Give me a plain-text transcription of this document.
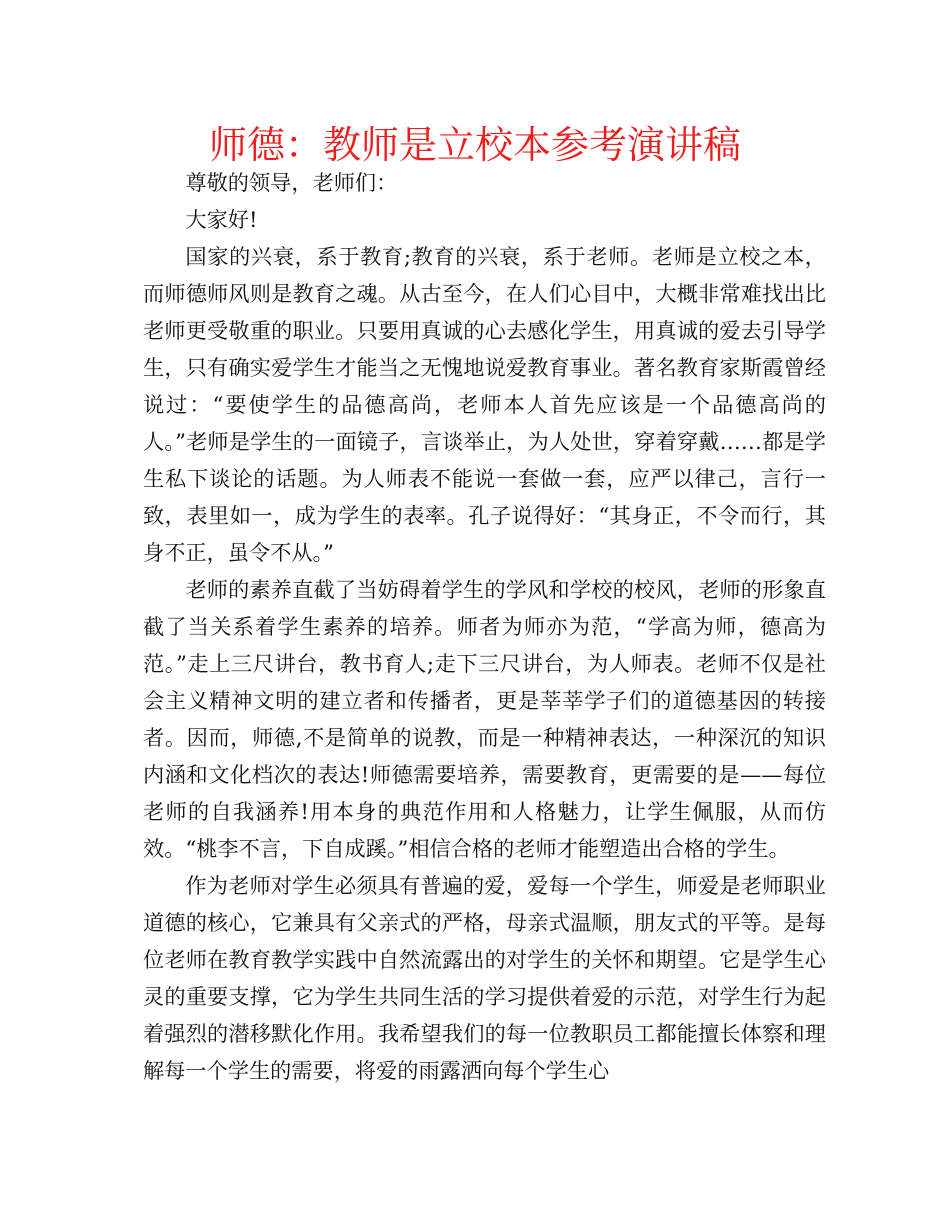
师德：教师是立校本参考演讲稿

尊敬的领导，老师们：

大家好!

国家的兴衰，系于教育;教育的兴衰，系于老师。老师是立校之本，而师德师风则是教育之魂。从古至今，在人们心目中，大概非常难找出比老师更受敬重的职业。只要用真诚的心去感化学生，用真诚的爱去引导学生，只有确实爱学生才能当之无愧地说爱教育事业。著名教育家斯霞曾经说过：“要使学生的品德高尚，老师本人首先应该是一个品德高尚的人。”老师是学生的一面镜子，言谈举止，为人处世，穿着穿戴……都是学生私下谈论的话题。为人师表不能说一套做一套，应严以律己，言行一致，表里如一，成为学生的表率。孔子说得好：“其身正，不令而行，其身不正，虽令不从。”

老师的素养直截了当妨碍着学生的学风和学校的校风，老师的形象直截了当关系着学生素养的培养。师者为师亦为范，“学高为师，德高为范。”走上三尺讲台，教书育人;走下三尺讲台，为人师表。老师不仅是社会主义精神文明的建立者和传播者，更是莘莘学子们的道德基因的转接者。因而，师德,不是简单的说教，而是一种精神表达，一种深沉的知识内涵和文化档次的表达!师德需要培养，需要教育，更需要的是——每位老师的自我涵养!用本身的典范作用和人格魅力，让学生佩服，从而仿效。“桃李不言，下自成蹊。”相信合格的老师才能塑造出合格的学生。

作为老师对学生必须具有普遍的爱，爱每一个学生，师爱是老师职业道德的核心，它兼具有父亲式的严格，母亲式温顺，朋友式的平等。是每位老师在教育教学实践中自然流露出的对学生的关怀和期望。它是学生心灵的重要支撑，它为学生共同生活的学习提供着爱的示范，对学生行为起着强烈的潜移默化作用。我希望我们的每一位教职员工都能擅长体察和理解每一个学生的需要，将爱的雨露洒向每个学生心
